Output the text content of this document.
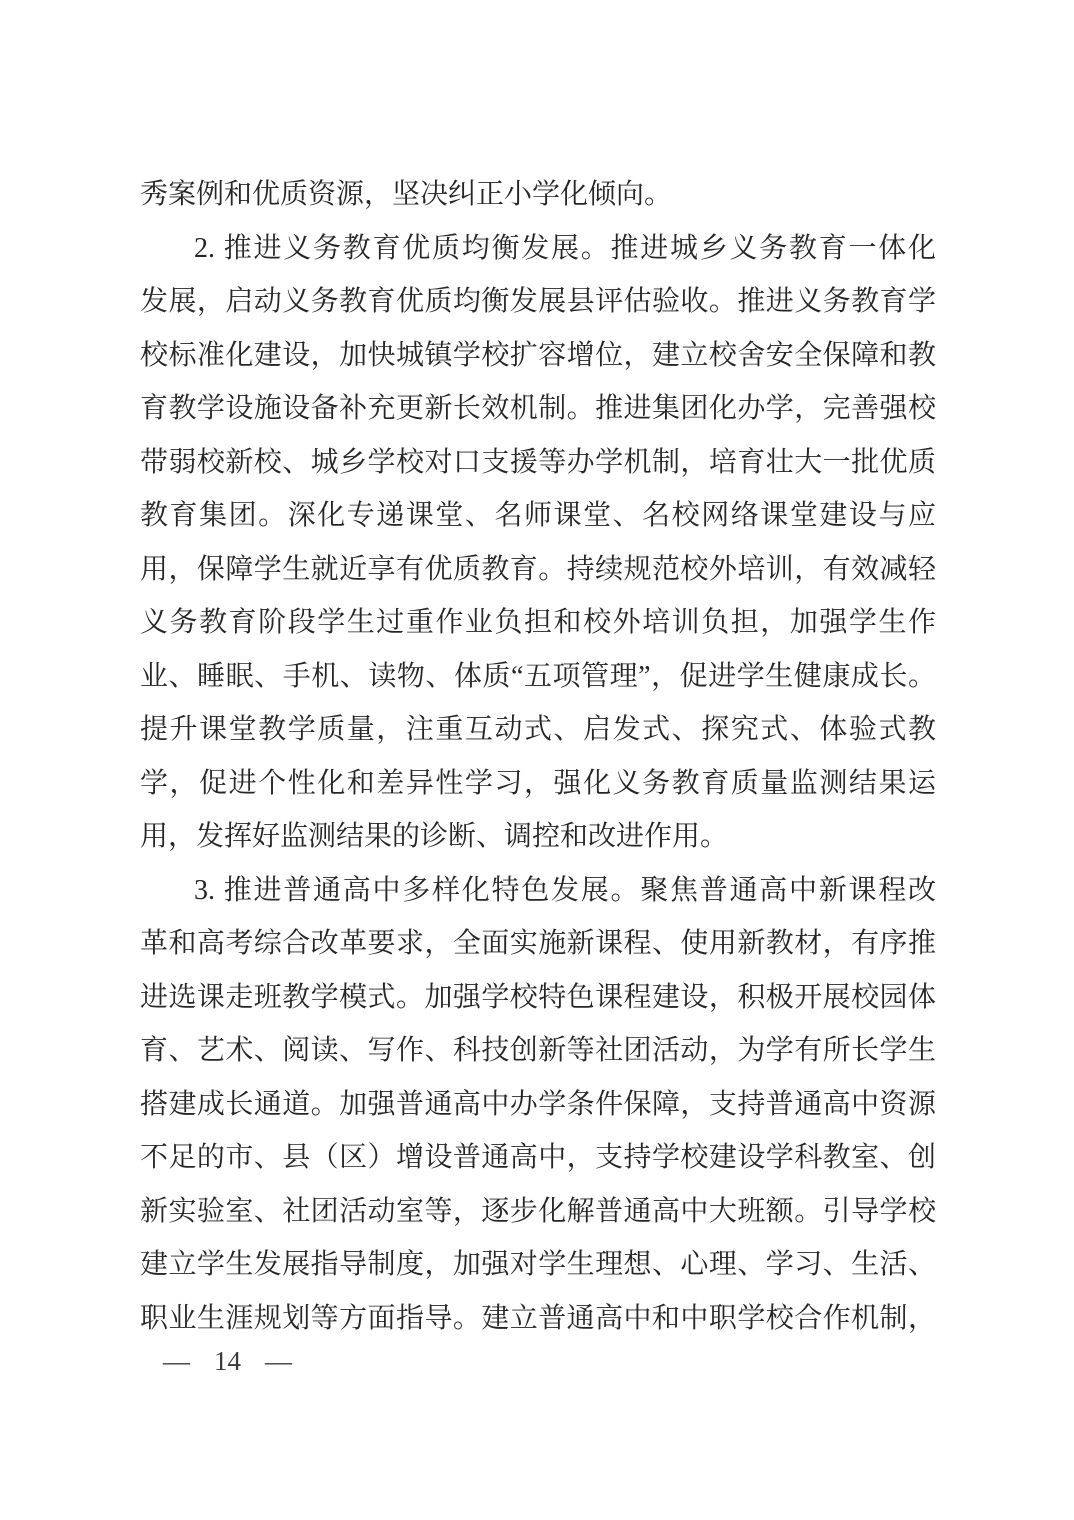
秀案例和优质资源，坚决纠正小学化倾向。
2. 推进义务教育优质均衡发展。推进城乡义务教育一体化
发展，启动义务教育优质均衡发展县评估验收。推进义务教育学
校标准化建设，加快城镇学校扩容增位，建立校舍安全保障和教
育教学设施设备补充更新长效机制。推进集团化办学，完善强校
带弱校新校、城乡学校对口支援等办学机制，培育壮大一批优质
教育集团。深化专递课堂、名师课堂、名校网络课堂建设与应
用，保障学生就近享有优质教育。持续规范校外培训，有效减轻
义务教育阶段学生过重作业负担和校外培训负担，加强学生作
业、睡眠、手机、读物、体质“五项管理”，促进学生健康成长。
提升课堂教学质量，注重互动式、启发式、探究式、体验式教
学，促进个性化和差异性学习，强化义务教育质量监测结果运
用，发挥好监测结果的诊断、调控和改进作用。
3. 推进普通高中多样化特色发展。聚焦普通高中新课程改
革和高考综合改革要求，全面实施新课程、使用新教材，有序推
进选课走班教学模式。加强学校特色课程建设，积极开展校园体
育、艺术、阅读、写作、科技创新等社团活动，为学有所长学生
搭建成长通道。加强普通高中办学条件保障，支持普通高中资源
不足的市、县（区）增设普通高中，支持学校建设学科教室、创
新实验室、社团活动室等，逐步化解普通高中大班额。引导学校
建立学生发展指导制度，加强对学生理想、心理、学习、生活、
职业生涯规划等方面指导。建立普通高中和中职学校合作机制，
— 14 —
